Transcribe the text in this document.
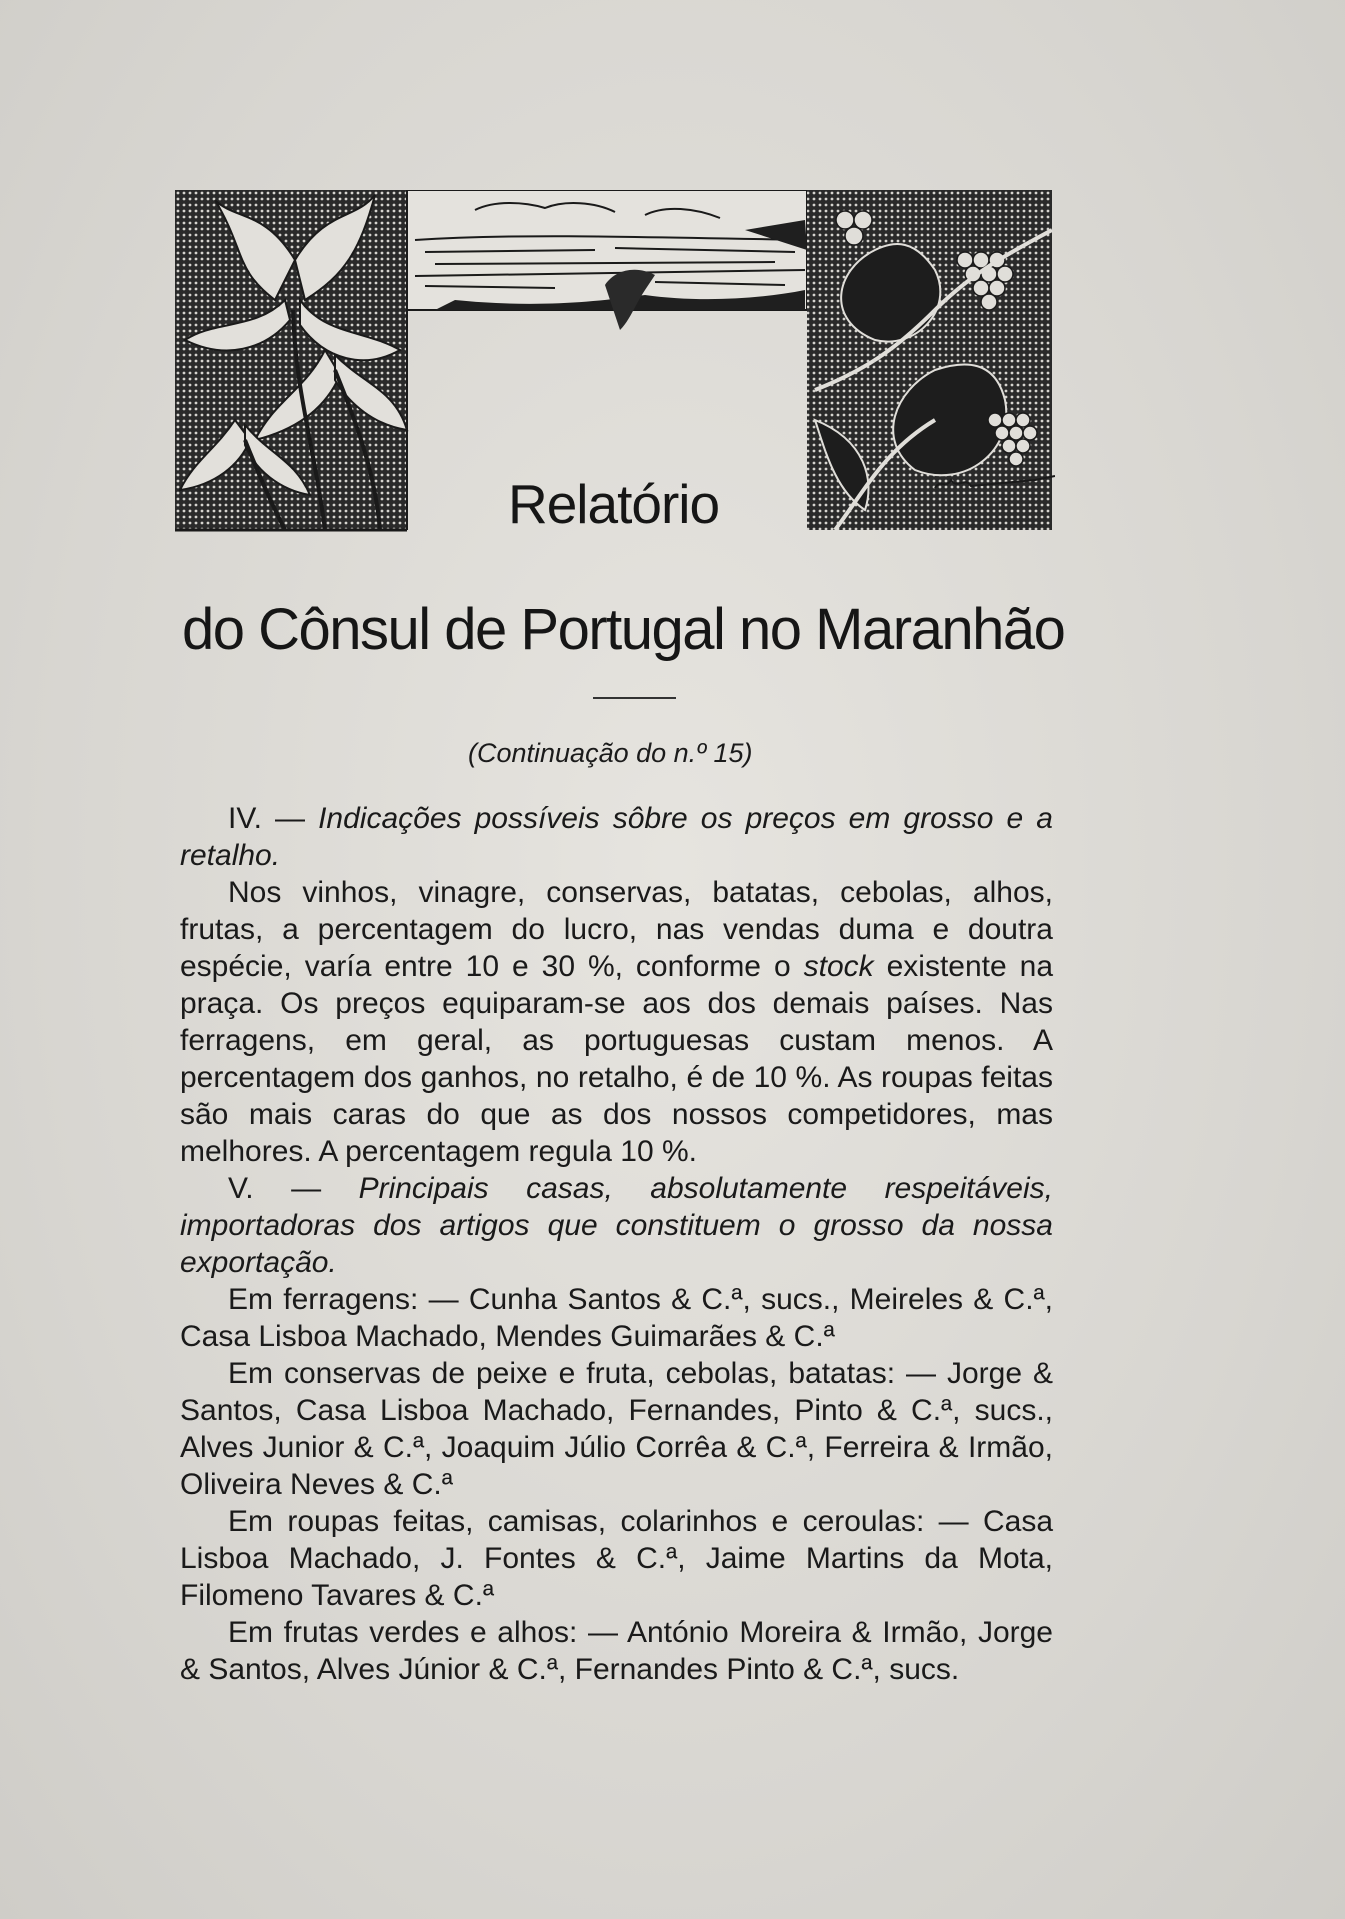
Relatório
do Cônsul de Portugal no Maranhão
(Continuação do n.º 15)

IV. — Indicações possíveis sôbre os preços em grosso e a retalho.

Nos vinhos, vinagre, conservas, batatas, cebolas, alhos, frutas, a percentagem do lucro, nas vendas duma e doutra espécie, varía entre 10 e 30 %, conforme o stock existente na praça. Os preços equiparam-se aos dos demais países. Nas ferragens, em geral, as portuguesas custam menos. A percentagem dos ganhos, no retalho, é de 10 %. As roupas feitas são mais caras do que as dos nossos competidores, mas melhores. A percentagem regula 10 %.

V. — Principais casas, absolutamente respeitáveis, importadoras dos artigos que constituem o grosso da nossa exportação.

Em ferragens: — Cunha Santos & C.ª, sucs., Meireles & C.ª, Casa Lisboa Machado, Mendes Guimarães & C.ª

Em conservas de peixe e fruta, cebolas, batatas: — Jorge & Santos, Casa Lisboa Machado, Fernandes, Pinto & C.ª, sucs., Alves Junior & C.ª, Joaquim Júlio Corrêa & C.ª, Ferreira & Irmão, Oliveira Neves & C.ª

Em roupas feitas, camisas, colarinhos e ceroulas: — Casa Lisboa Machado, J. Fontes & C.ª, Jaime Martins da Mota, Filomeno Tavares & C.ª

Em frutas verdes e alhos: — António Moreira & Irmão, Jorge & Santos, Alves Júnior & C.ª, Fernandes Pinto & C.ª, sucs.
